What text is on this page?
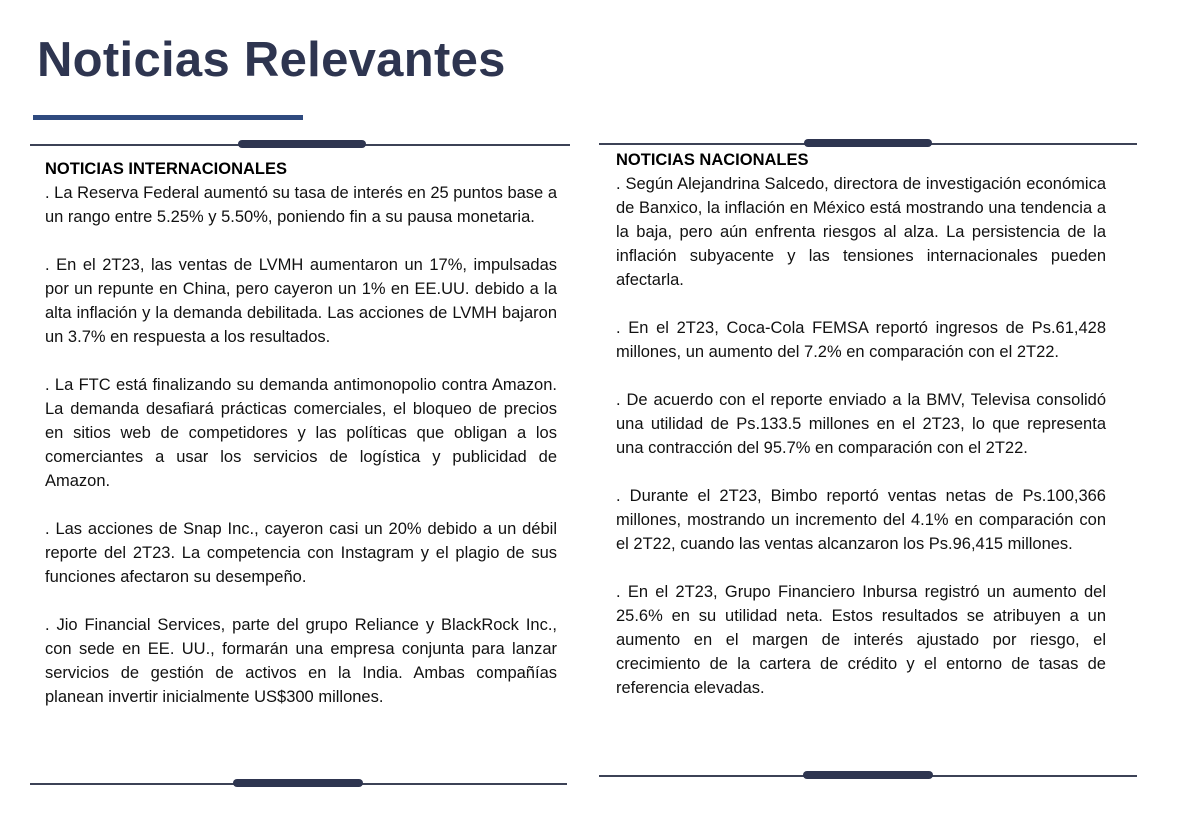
Noticias Relevantes
NOTICIAS INTERNACIONALES

. La Reserva Federal aumentó su tasa de interés en 25 puntos base a un rango entre 5.25% y 5.50%, poniendo fin a su pausa monetaria.

. En el 2T23, las ventas de LVMH aumentaron un 17%, impulsadas por un repunte en China, pero cayeron un 1% en EE.UU. debido a la alta inflación y la demanda debilitada. Las acciones de LVMH bajaron un 3.7% en respuesta a los resultados.

. La FTC está finalizando su demanda antimonopolio contra Amazon. La demanda desafiará prácticas comerciales, el bloqueo de precios en sitios web de competidores y las políticas que obligan a los comerciantes a usar los servicios de logística y publicidad de Amazon.

. Las acciones de Snap Inc., cayeron casi un 20% debido a un débil reporte del 2T23. La competencia con Instagram y el plagio de sus funciones afectaron su desempeño.

. Jio Financial Services, parte del grupo Reliance y BlackRock Inc., con sede en EE. UU., formarán una empresa conjunta para lanzar servicios de gestión de activos en la India. Ambas compañías planean invertir inicialmente US$300 millones.

NOTICIAS NACIONALES

. Según Alejandrina Salcedo, directora de investigación económica de Banxico, la inflación en México está mostrando una tendencia a la baja, pero aún enfrenta riesgos al alza. La persistencia de la inflación subyacente y las tensiones internacionales pueden afectarla.

. En el 2T23, Coca-Cola FEMSA reportó ingresos de Ps.61,428 millones, un aumento del 7.2% en comparación con el 2T22.

. De acuerdo con el reporte enviado a la BMV, Televisa consolidó una utilidad de Ps.133.5 millones en el 2T23, lo que representa una contracción del 95.7% en comparación con el 2T22.

. Durante el 2T23, Bimbo reportó ventas netas de Ps.100,366 millones, mostrando un incremento del 4.1% en comparación con el 2T22, cuando las ventas alcanzaron los Ps.96,415 millones.

. En el 2T23, Grupo Financiero Inbursa registró un aumento del 25.6% en su utilidad neta. Estos resultados se atribuyen a un aumento en el margen de interés ajustado por riesgo, el crecimiento de la cartera de crédito y el entorno de tasas de referencia elevadas.
